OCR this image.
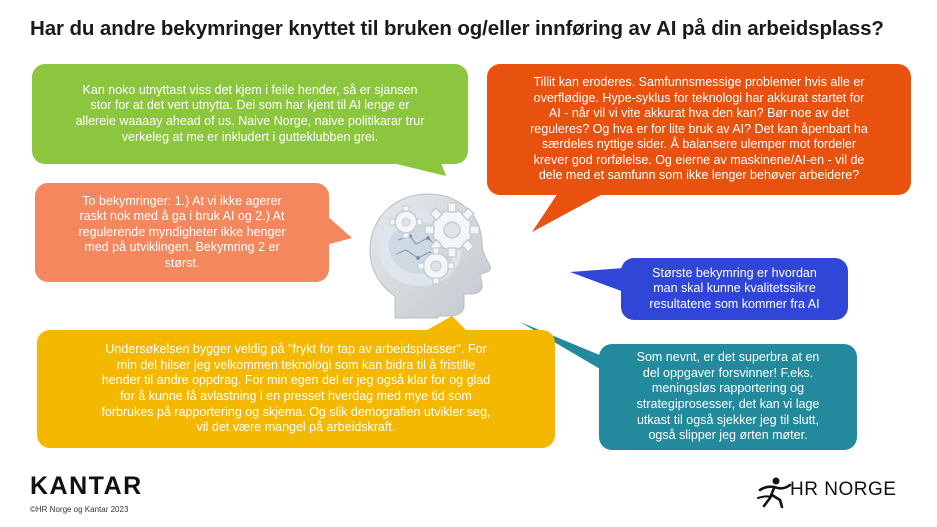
Har du andre bekymringer knyttet til bruken og/eller innføring av AI på din arbeidsplass?
Kan noko utnyttast viss det kjem i feile hender, så er sjansen
stor for at det vert utnytta. Dei som har kjent til AI lenge er
allereie waaaay ahead of us. Naive Norge, naive politikarar trur
verkeleg at me er inkludert i gutteklubben grei.
Tillit kan eroderes. Samfunnsmessige problemer hvis alle er
overflødige. Hype-syklus for teknologi har akkurat startet for
AI - når vil vi vite akkurat hva den kan? Bør noe av det
reguleres? Og hva er for lite bruk av AI? Det kan åpenbart ha
særdeles nyttige sider. Å balansere ulemper mot fordeler
krever god rorfølelse. Og eierne av maskinene/AI-en - vil de
dele med et samfunn som ikke lenger behøver arbeidere?
To bekymringer: 1.) At vi ikke agerer
raskt nok med å ga i bruk AI og 2.) At
regulerende myndigheter ikke henger
med på utviklingen. Bekymring 2 er
størst.
Største bekymring er hvordan
man skal kunne kvalitetssikre
resultatene som kommer fra AI
Undersøkelsen bygger veldig på "frykt for tap av arbeidsplasser". For
min del hilser jeg velkommen teknologi som kan bidra til å fristille
hender til andre oppdrag. For min egen del er jeg også klar for og glad
for å kunne få avlastning i en presset hverdag med mye tid som
forbrukes på rapportering og skjema. Og slik demografien utvikler seg,
vil det være mangel på arbeidskraft.
Som nevnt, er det superbra at en
del oppgaver forsvinner! F.eks.
meningsløs rapportering og
strategiprosesser, det kan vi lage
utkast til også sjekker jeg til slutt,
også slipper jeg ørten møter.
KANTAR
©HR Norge og Kantar 2023
HR NORGE
